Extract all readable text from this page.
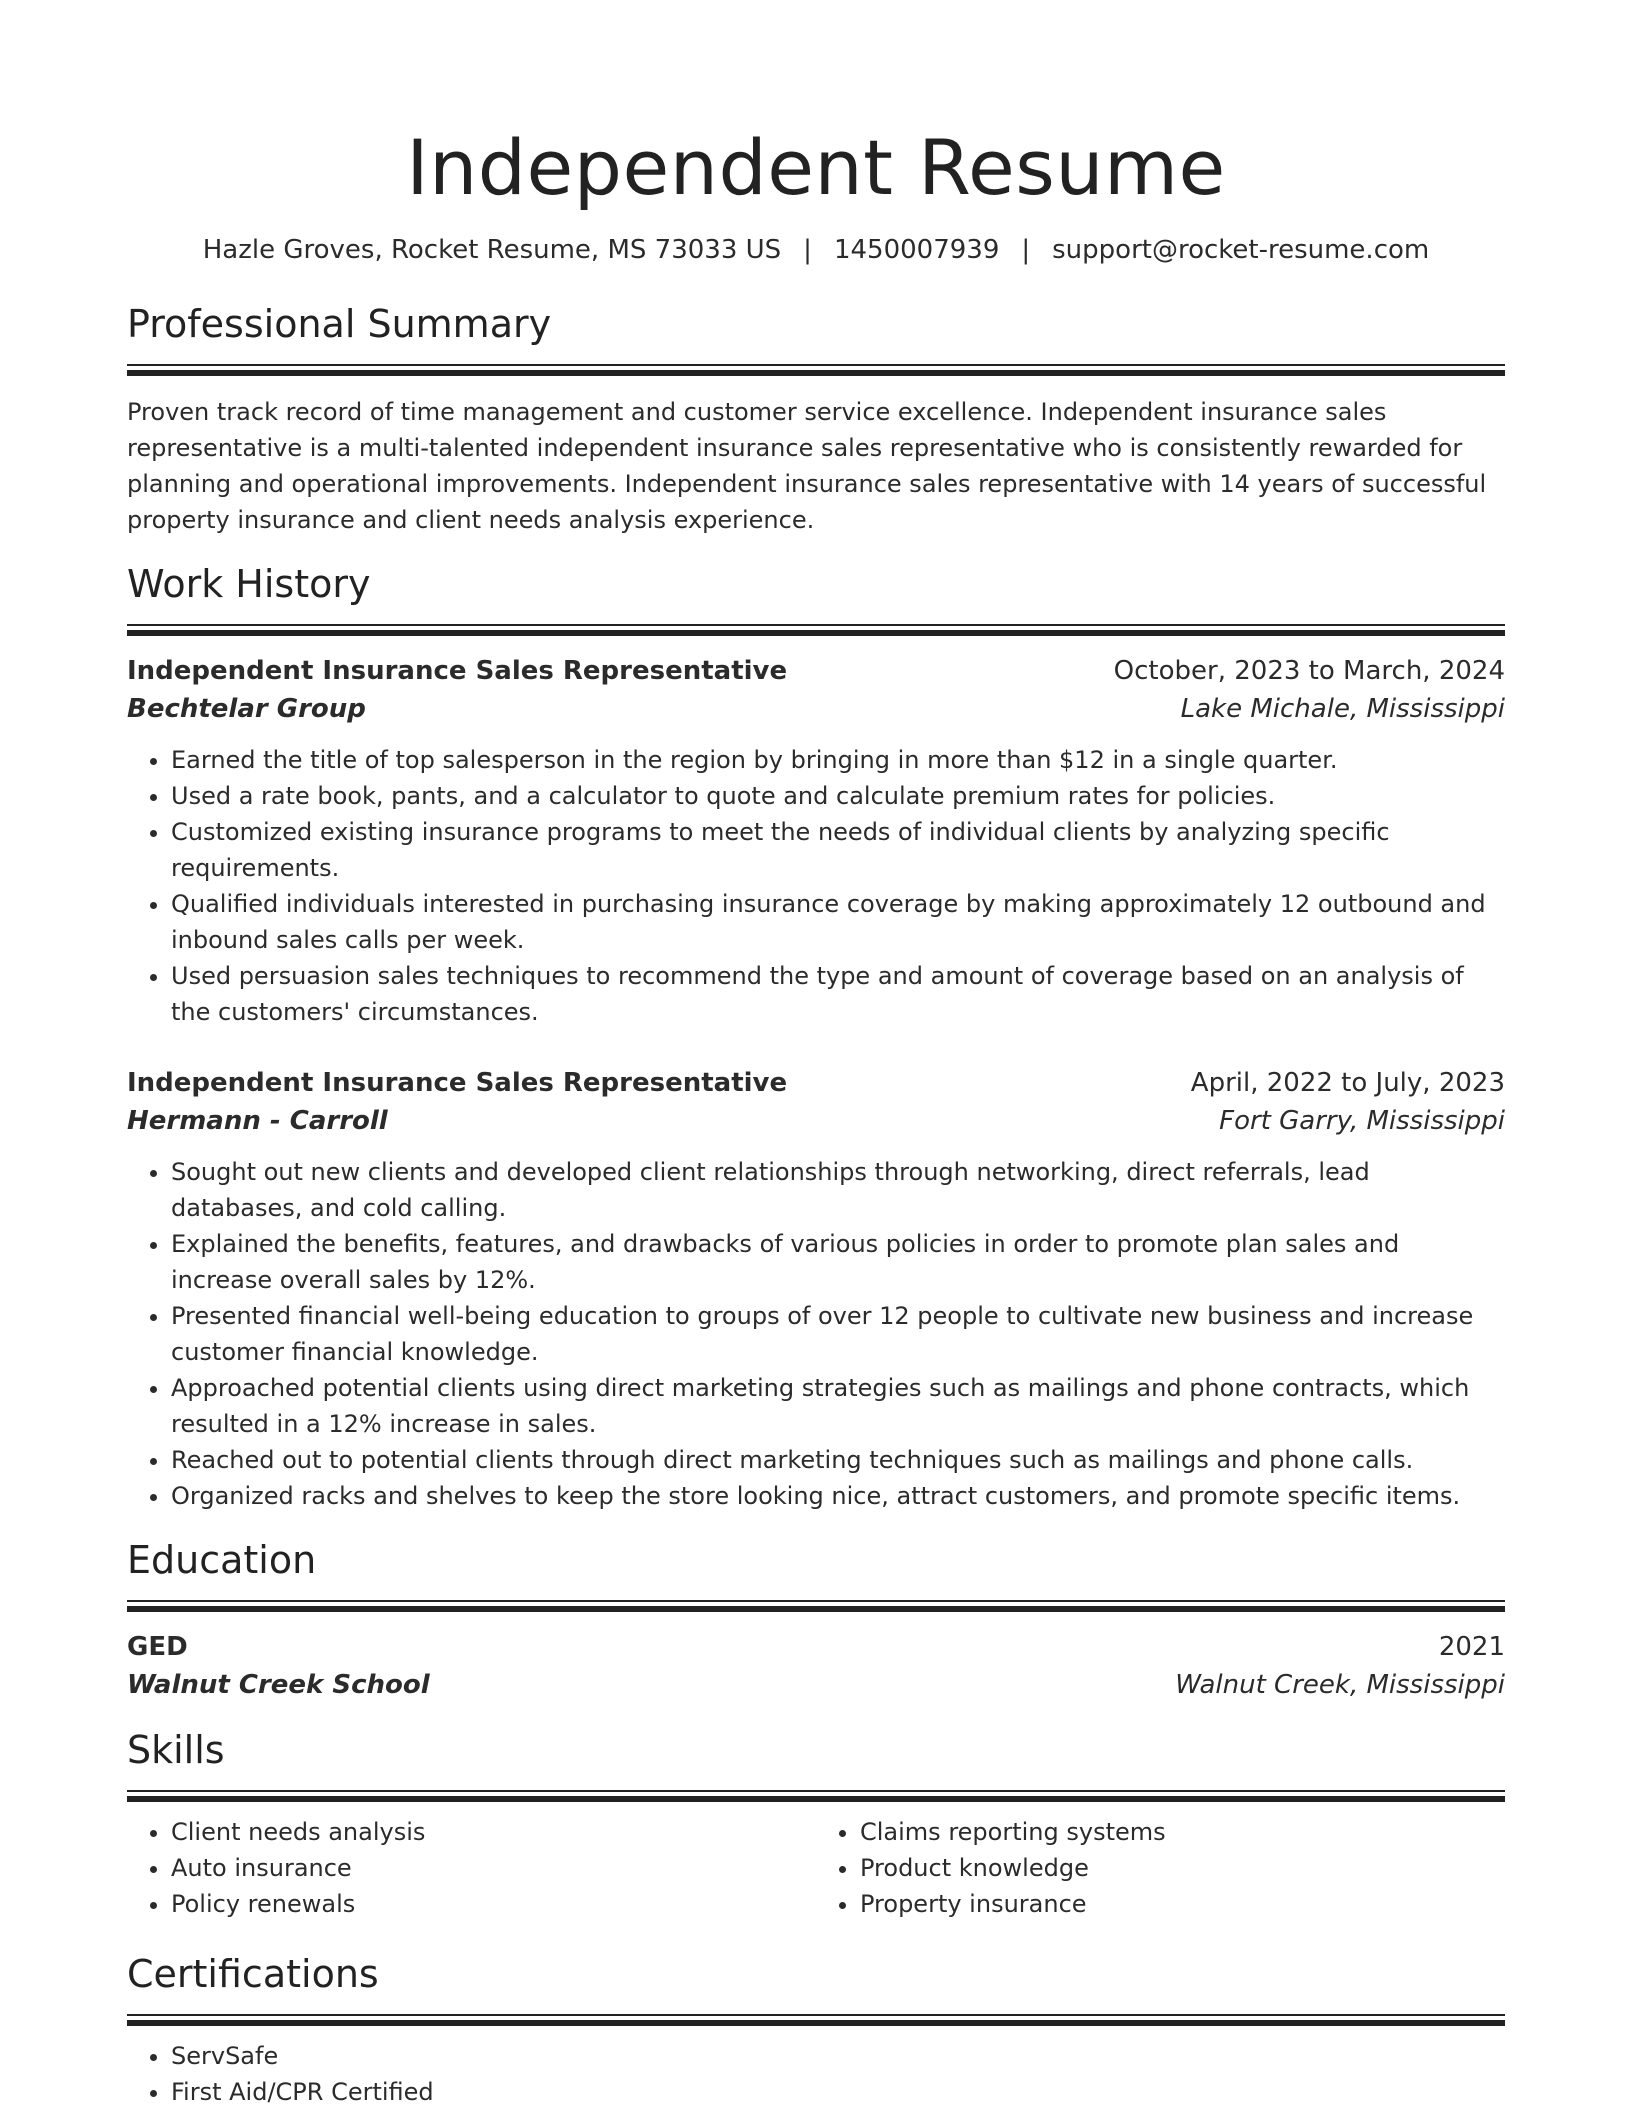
Independent Resume
Hazle Groves, Rocket Resume, MS 73033 US | 1450007939 | support@rocket-resume.com
Professional Summary
Proven track record of time management and customer service excellence. Independent insurance sales representative is a multi-talented independent insurance sales representative who is consistently rewarded for planning and operational improvements. Independent insurance sales representative with 14 years of successful property insurance and client needs analysis experience.
Work History
Independent Insurance Sales Representative	October, 2023 to March, 2024
Bechtelar Group	Lake Michale, Mississippi
• Earned the title of top salesperson in the region by bringing in more than $12 in a single quarter.
• Used a rate book, pants, and a calculator to quote and calculate premium rates for policies.
• Customized existing insurance programs to meet the needs of individual clients by analyzing specific requirements.
• Qualified individuals interested in purchasing insurance coverage by making approximately 12 outbound and inbound sales calls per week.
• Used persuasion sales techniques to recommend the type and amount of coverage based on an analysis of the customers' circumstances.
Independent Insurance Sales Representative	April, 2022 to July, 2023
Hermann - Carroll	Fort Garry, Mississippi
• Sought out new clients and developed client relationships through networking, direct referrals, lead databases, and cold calling.
• Explained the benefits, features, and drawbacks of various policies in order to promote plan sales and increase overall sales by 12%.
• Presented financial well-being education to groups of over 12 people to cultivate new business and increase customer financial knowledge.
• Approached potential clients using direct marketing strategies such as mailings and phone contracts, which resulted in a 12% increase in sales.
• Reached out to potential clients through direct marketing techniques such as mailings and phone calls.
• Organized racks and shelves to keep the store looking nice, attract customers, and promote specific items.
Education
GED	2021
Walnut Creek School	Walnut Creek, Mississippi
Skills
• Client needs analysis
• Auto insurance
• Policy renewals
• Claims reporting systems
• Product knowledge
• Property insurance
Certifications
• ServSafe
• First Aid/CPR Certified
